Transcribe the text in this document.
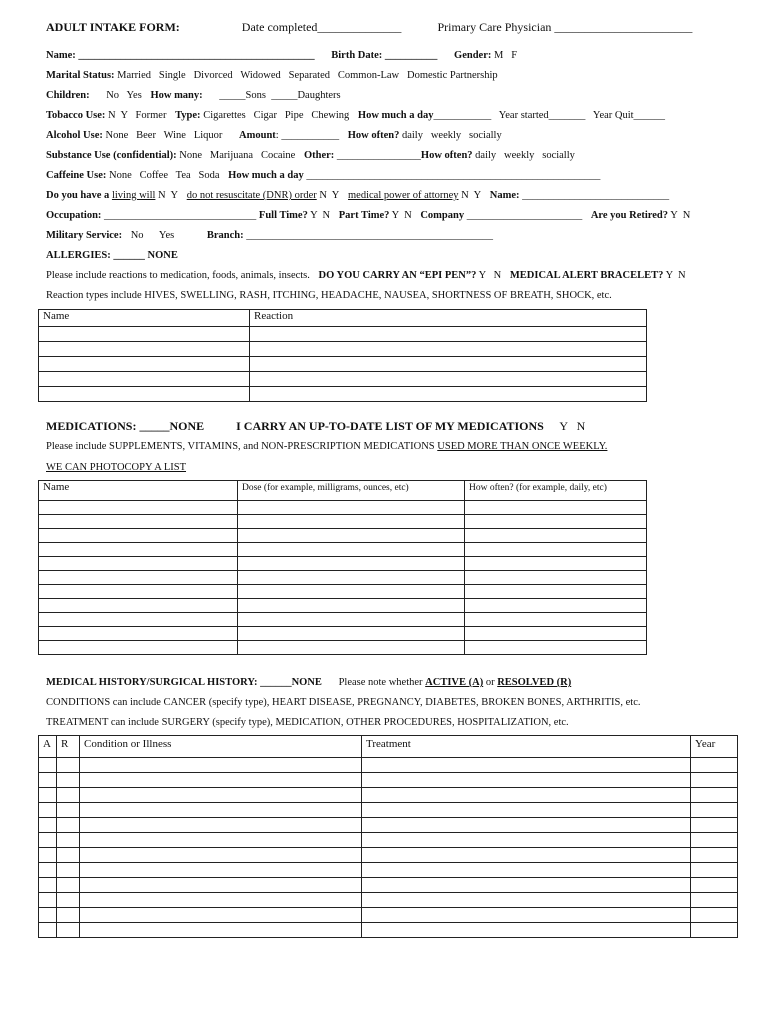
ADULT INTAKE FORM:	Date completed______________	Primary Care Physician _______________________
Name: _____________________________________________ Birth Date: __________ Gender: M   F
Marital Status: Married   Single   Divorced   Widowed   Separated   Common-Law   Domestic Partnership
Children: No   Yes How many: _____Sons  _____Daughters
Tobacco Use: N  Y   Former Type: Cigarettes   Cigar   Pipe   Chewing How much a day___________   Year started_______   Year Quit______
Alcohol Use: None   Beer   Wine   Liquor Amount: ___________ How often? daily   weekly   socially
Substance Use (confidential): None   Marijuana   Cocaine Other: ________________How often? daily   weekly   socially
Caffeine Use: None   Coffee   Tea   Soda How much a day ________________________________________________________
Do you have a living will N  Y do not resuscitate (DNR) order N  Y medical power of attorney N  Y Name: ____________________________
Occupation: _____________________________ Full Time? Y  N Part Time? Y  N Company ______________________ Are you Retired? Y  N
Military Service: No      Yes	Branch: _______________________________________________
ALLERGIES: ______ NONE
Please include reactions to medication, foods, animals, insects. DO YOU CARRY AN “EPI PEN”? Y   N MEDICAL ALERT BRACELET? Y  N
Reaction types include HIVES, SWELLING, RASH, ITCHING, HEADACHE, NAUSEA, SHORTNESS OF BREATH, SHOCK, etc.
Name	Reaction

MEDICATIONS: _____NONE	I CARRY AN UP-TO-DATE LIST OF MY MEDICATIONS Y   N
Please include SUPPLEMENTS, VITAMINS, and NON-PRESCRIPTION MEDICATIONS USED MORE THAN ONCE WEEKLY.
WE CAN PHOTOCOPY A LIST
Name	Dose (for example, milligrams, ounces, etc)	How often? (for example, daily, etc)

MEDICAL HISTORY/SURGICAL HISTORY: ______NONE Please note whether ACTIVE (A) or RESOLVED (R)
CONDITIONS can include CANCER (specify type), HEART DISEASE, PREGNANCY, DIABETES, BROKEN BONES, ARTHRITIS, etc.
TREATMENT can include SURGERY (specify type), MEDICATION, OTHER PROCEDURES, HOSPITALIZATION, etc.
A	R	Condition or Illness	Treatment	Year
